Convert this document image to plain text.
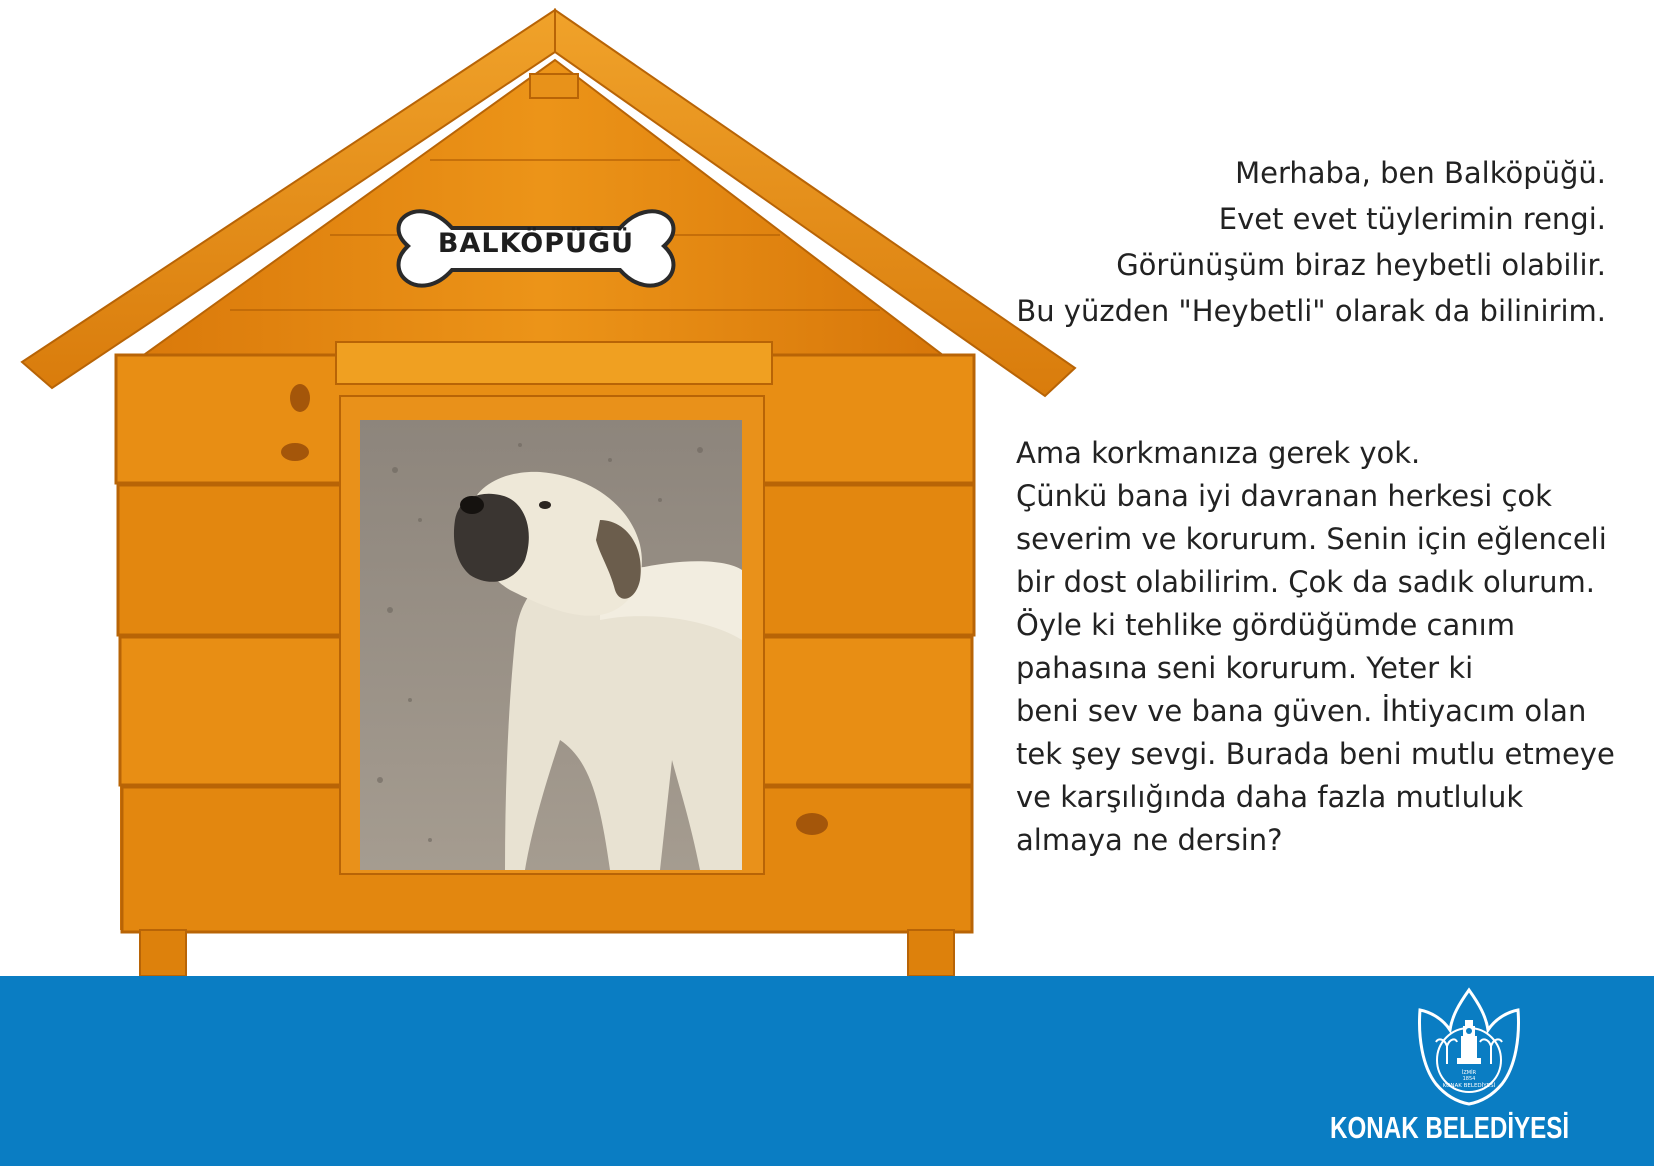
BALKÖPÜĞÜ
Merhaba, ben Balköpüğü.
Evet evet tüylerimin rengi.
Görünüşüm biraz heybetli olabilir.
Bu yüzden "Heybetli" olarak da bilinirim.
Ama korkmanıza gerek yok.
Çünkü bana iyi davranan herkesi çok
severim ve korurum. Senin için eğlenceli
bir dost olabilirim. Çok da sadık olurum.
Öyle ki tehlike gördüğümde canım
pahasına seni korurum. Yeter ki
beni sev ve bana güven. İhtiyacım olan
tek şey sevgi. Burada beni mutlu etmeye
ve karşılığında daha fazla mutluluk
almaya ne dersin?
İZMİR
1854
KONAK BELEDİYESİ
KONAK BELEDİYESİ
